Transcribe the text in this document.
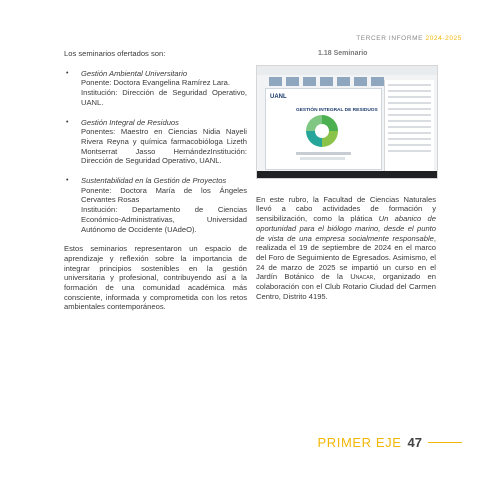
TERCER INFORME 2024-2025

Los seminarios ofertados son:

• Gestión Ambiental Universitario
Ponente: Doctora Evangelina Ramírez Lara.
Institución: Dirección de Seguridad Operativo, UANL.
• Gestión Integral de Residuos
Ponentes: Maestro en Ciencias Nidia Nayeli Rivera Reyna y química farmacobióloga Lizeth Montserrat Jasso HernándezInstitución: Dirección de Seguridad Operativo, UANL.
• Sustentabilidad en la Gestión de Proyectos
Ponente: Doctora María de los Ángeles Cervantes Rosas
Institución: Departamento de Ciencias Económico-Administrativas, Universidad Autónomo de Occidente (UAdeO).

Estos seminarios representaron un espacio de aprendizaje y reflexión sobre la importancia de integrar principios sostenibles en la gestión universitaria y profesional, contribuyendo así a la formación de una comunidad académica más consciente, informada y comprometida con los retos ambientales contemporáneos.

1.18 Seminario

UANL
GESTIÓN INTEGRAL DE RESIDUOS

En este rubro, la Facultad de Ciencias Naturales llevó a cabo actividades de formación y sensibilización, como la plática Un abanico de oportunidad para el biólogo marino, desde el punto de vista de una empresa socialmente responsable, realizada el 19 de septiembre de 2024 en el marco del Foro de Seguimiento de Egresados. Asimismo, el 24 de marzo de 2025 se impartió un curso en el Jardín Botánico de la Unacar, organizado en colaboración con el Club Rotario Ciudad del Carmen Centro, Distrito 4195.

PRIMER EJE 47
